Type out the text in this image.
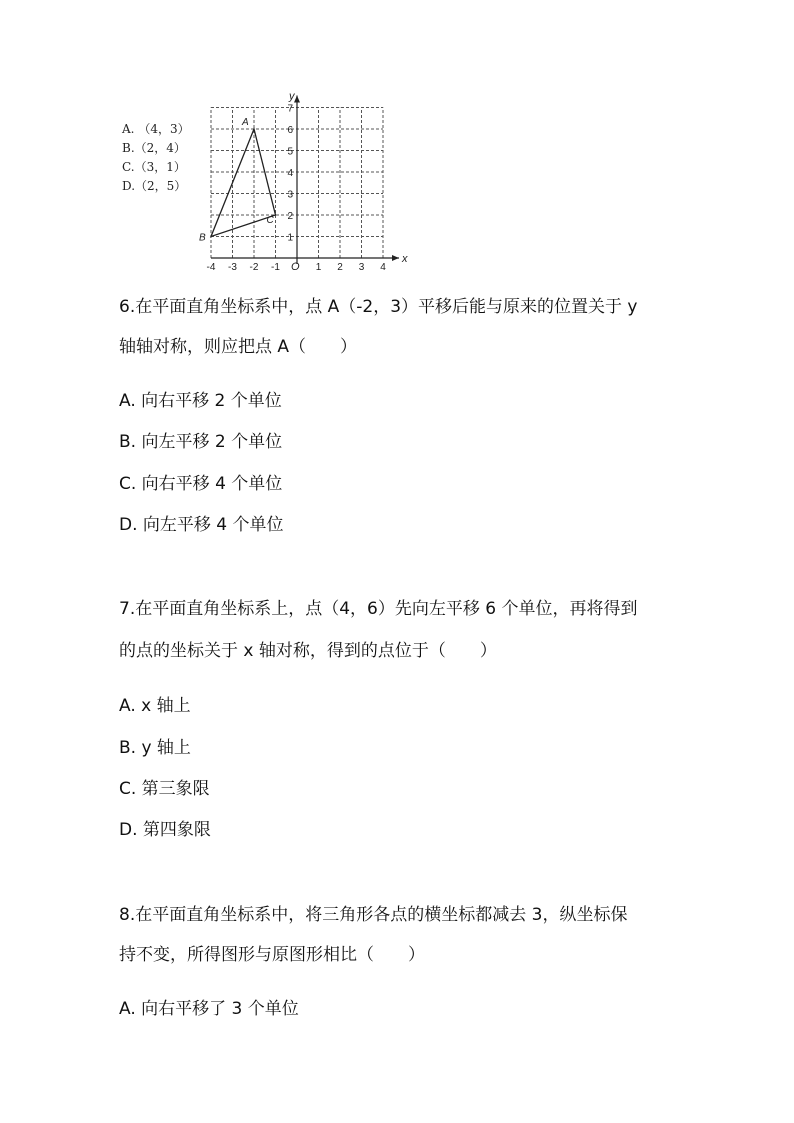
A. （4，3）
B.（2，4）
C.（3，1）
D.（2，5）
x
y
O
-4 -3 -2 -1	1 2 3 4
1
2
3
4
5
6
7
A
B
C
6.在平面直角坐标系中，点 A（-2，3）平移后能与原来的位置关于 y
轴轴对称，则应把点 A（　　）
A. 向右平移 2 个单位
B. 向左平移 2 个单位
C. 向右平移 4 个单位
D. 向左平移 4 个单位
7.在平面直角坐标系上，点（4，6）先向左平移 6 个单位，再将得到
的点的坐标关于 x 轴对称，得到的点位于（　　）
A. x 轴上
B. y 轴上
C. 第三象限
D. 第四象限
8.在平面直角坐标系中，将三角形各点的横坐标都减去 3，纵坐标保
持不变，所得图形与原图形相比（　　）
A. 向右平移了 3 个单位
